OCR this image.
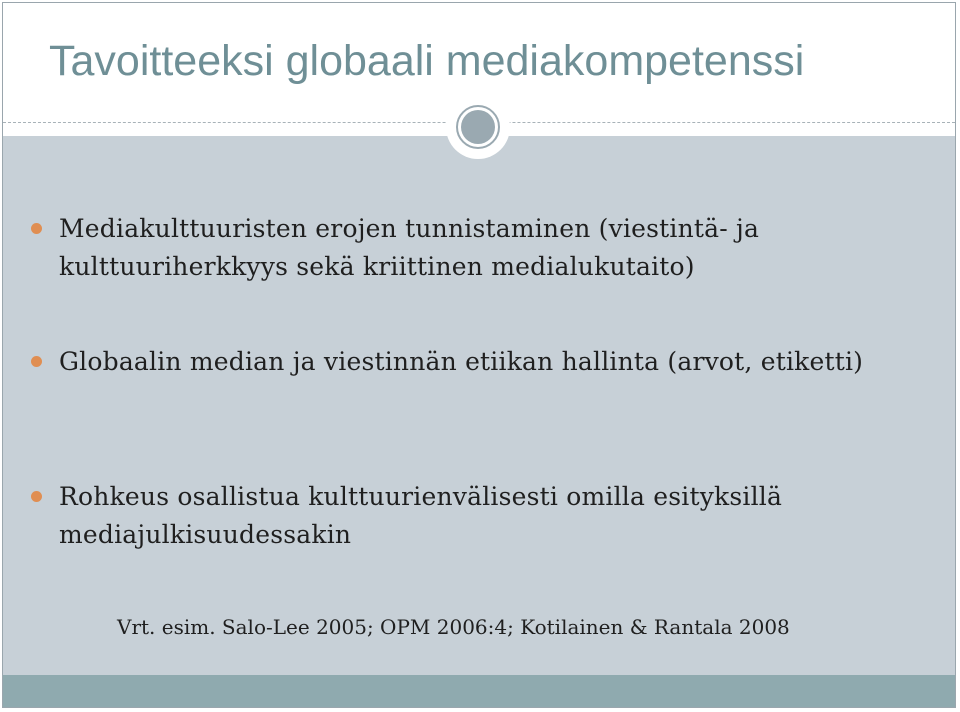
Tavoitteeksi globaali mediakompetenssi
Mediakulttuuristen erojen tunnistaminen (viestintä- ja kulttuuriherkkyys sekä kriittinen medialukutaito)
Globaalin median ja viestinnän etiikan hallinta (arvot, etiketti)
Rohkeus osallistua kulttuurienvälisesti omilla esityksillä mediajulkisuudessakin
Vrt. esim. Salo-Lee 2005; OPM 2006:4; Kotilainen & Rantala 2008
